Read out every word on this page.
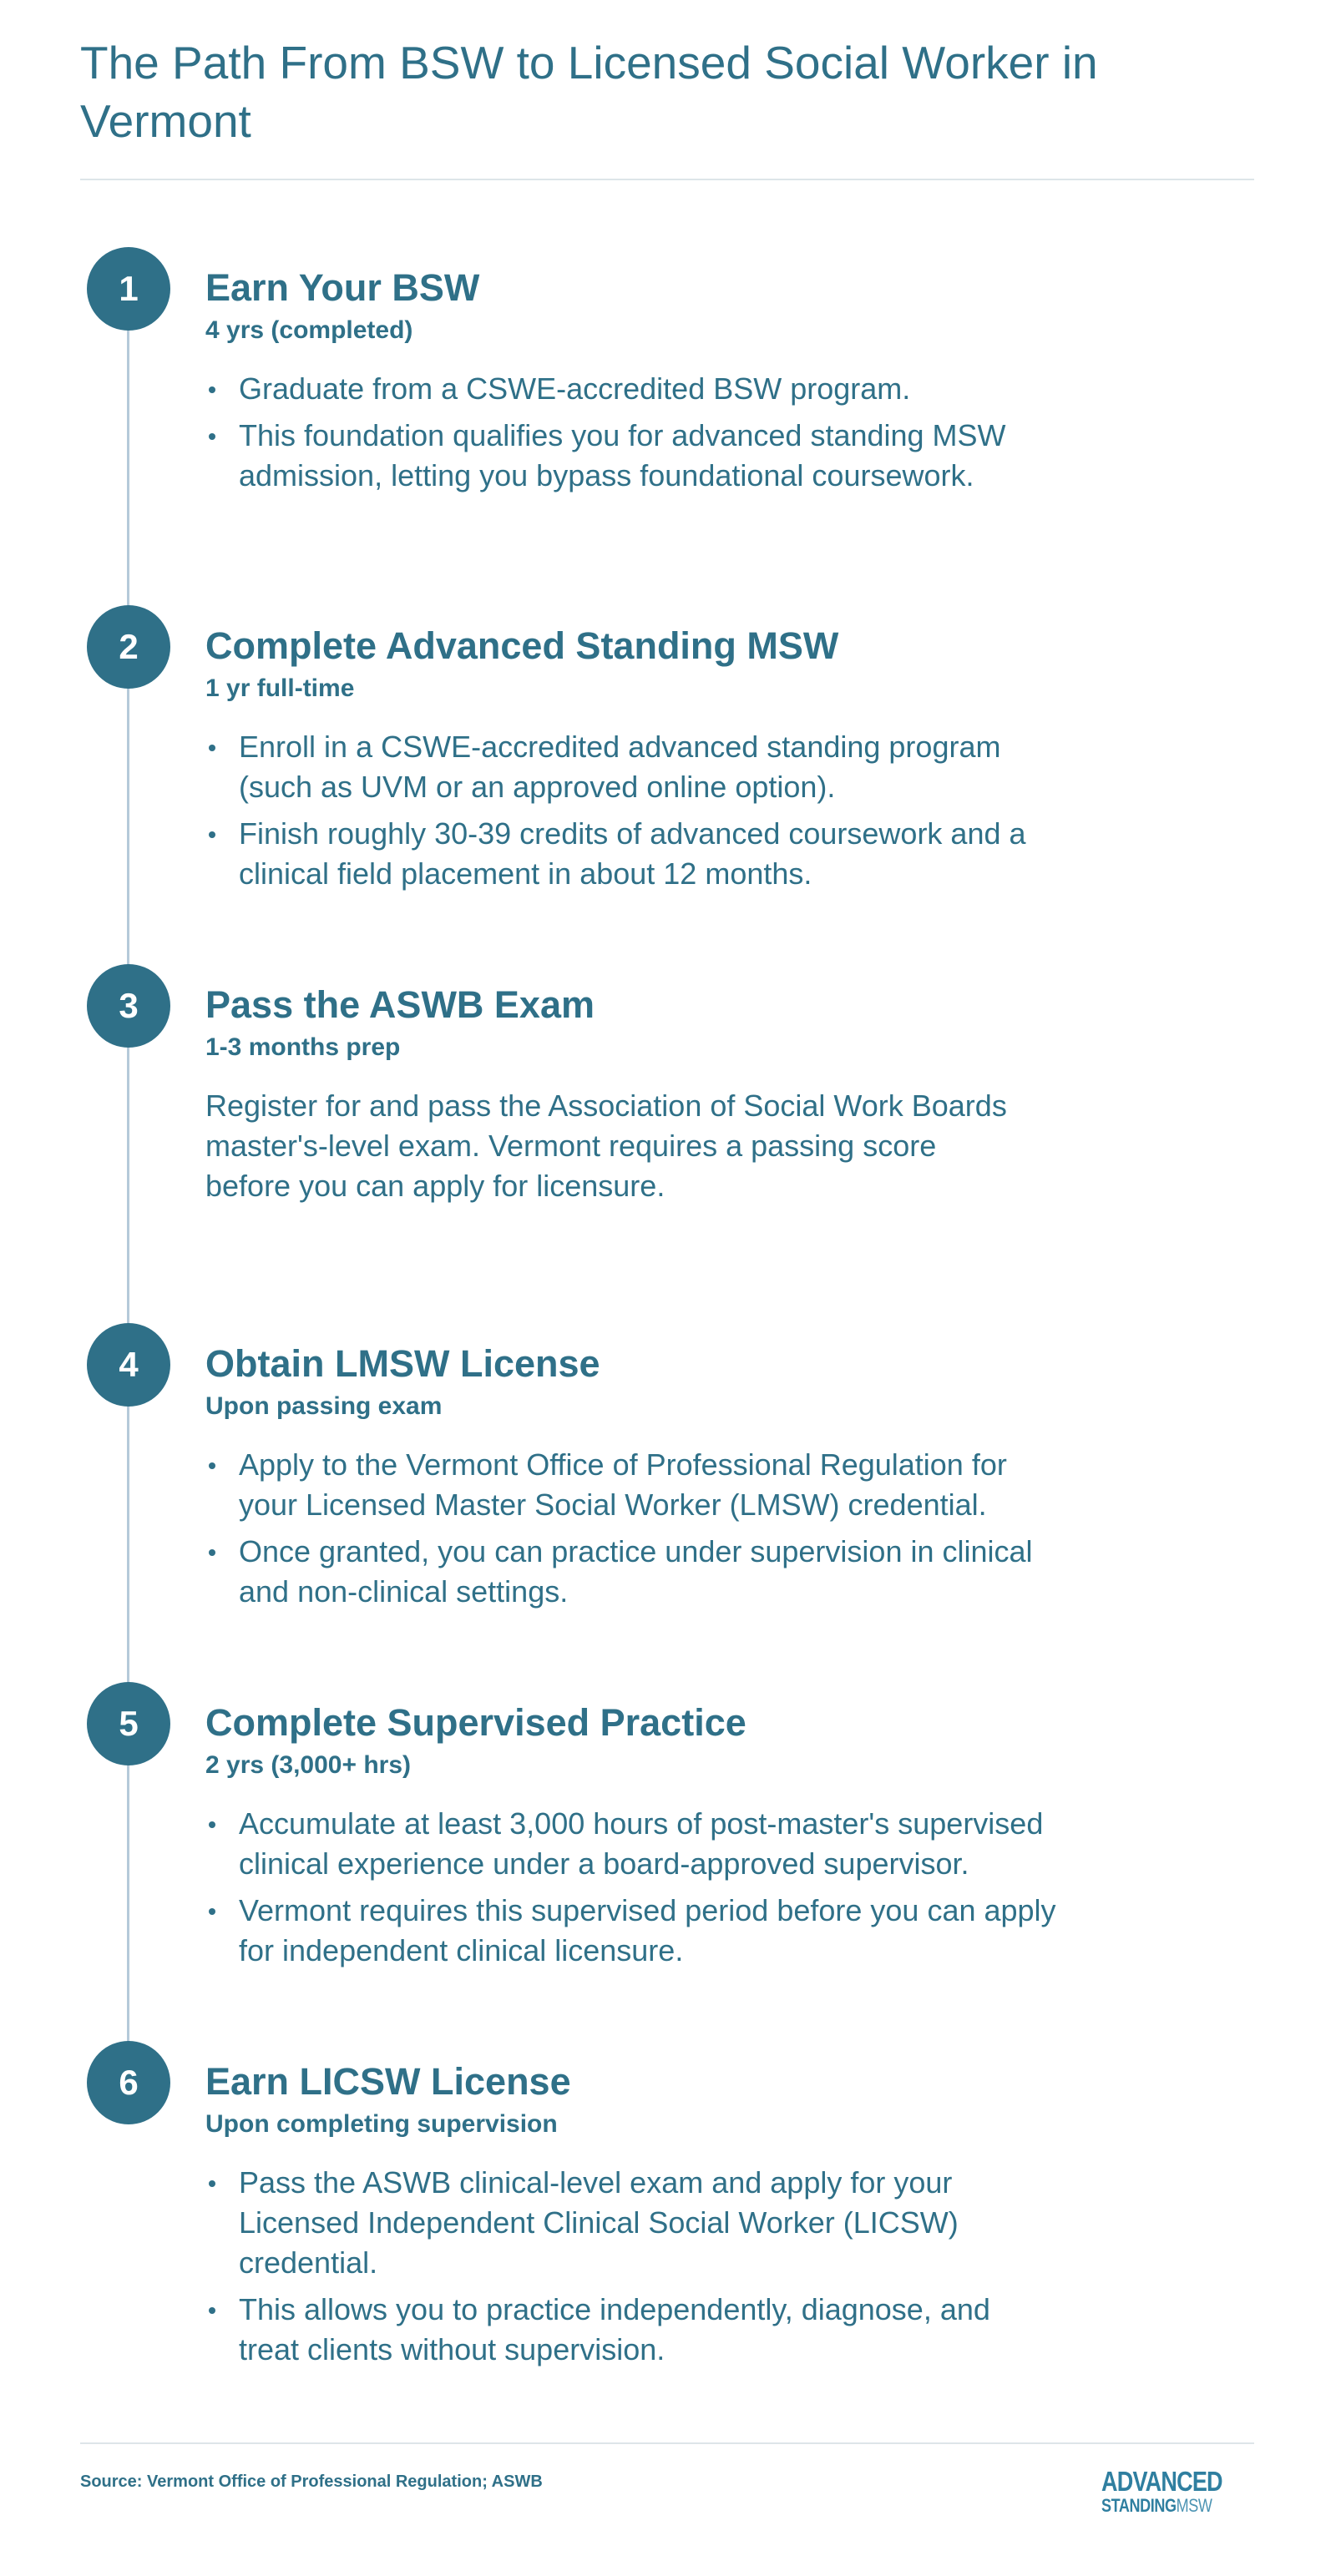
The Path From BSW to Licensed Social Worker in Vermont
1	Earn Your BSW
4 yrs (completed)
Graduate from a CSWE-accredited BSW program.
This foundation qualifies you for advanced standing MSW admission, letting you bypass foundational coursework.
2	Complete Advanced Standing MSW
1 yr full-time
Enroll in a CSWE-accredited advanced standing program (such as UVM or an approved online option).
Finish roughly 30-39 credits of advanced coursework and a clinical field placement in about 12 months.
3	Pass the ASWB Exam
1-3 months prep

Register for and pass the Association of Social Work Boards master's-level exam. Vermont requires a passing score before you can apply for licensure.

4	Obtain LMSW License
Upon passing exam
Apply to the Vermont Office of Professional Regulation for your Licensed Master Social Worker (LMSW) credential.
Once granted, you can practice under supervision in clinical and non-clinical settings.
5	Complete Supervised Practice
2 yrs (3,000+ hrs)
Accumulate at least 3,000 hours of post-master's supervised clinical experience under a board-approved supervisor.
Vermont requires this supervised period before you can apply for independent clinical licensure.
6	Earn LICSW License
Upon completing supervision
Pass the ASWB clinical-level exam and apply for your Licensed Independent Clinical Social Worker (LICSW) credential.
This allows you to practice independently, diagnose, and treat clients without supervision.
Source: Vermont Office of Professional Regulation; ASWB	ADVANCED
STANDINGMSW
